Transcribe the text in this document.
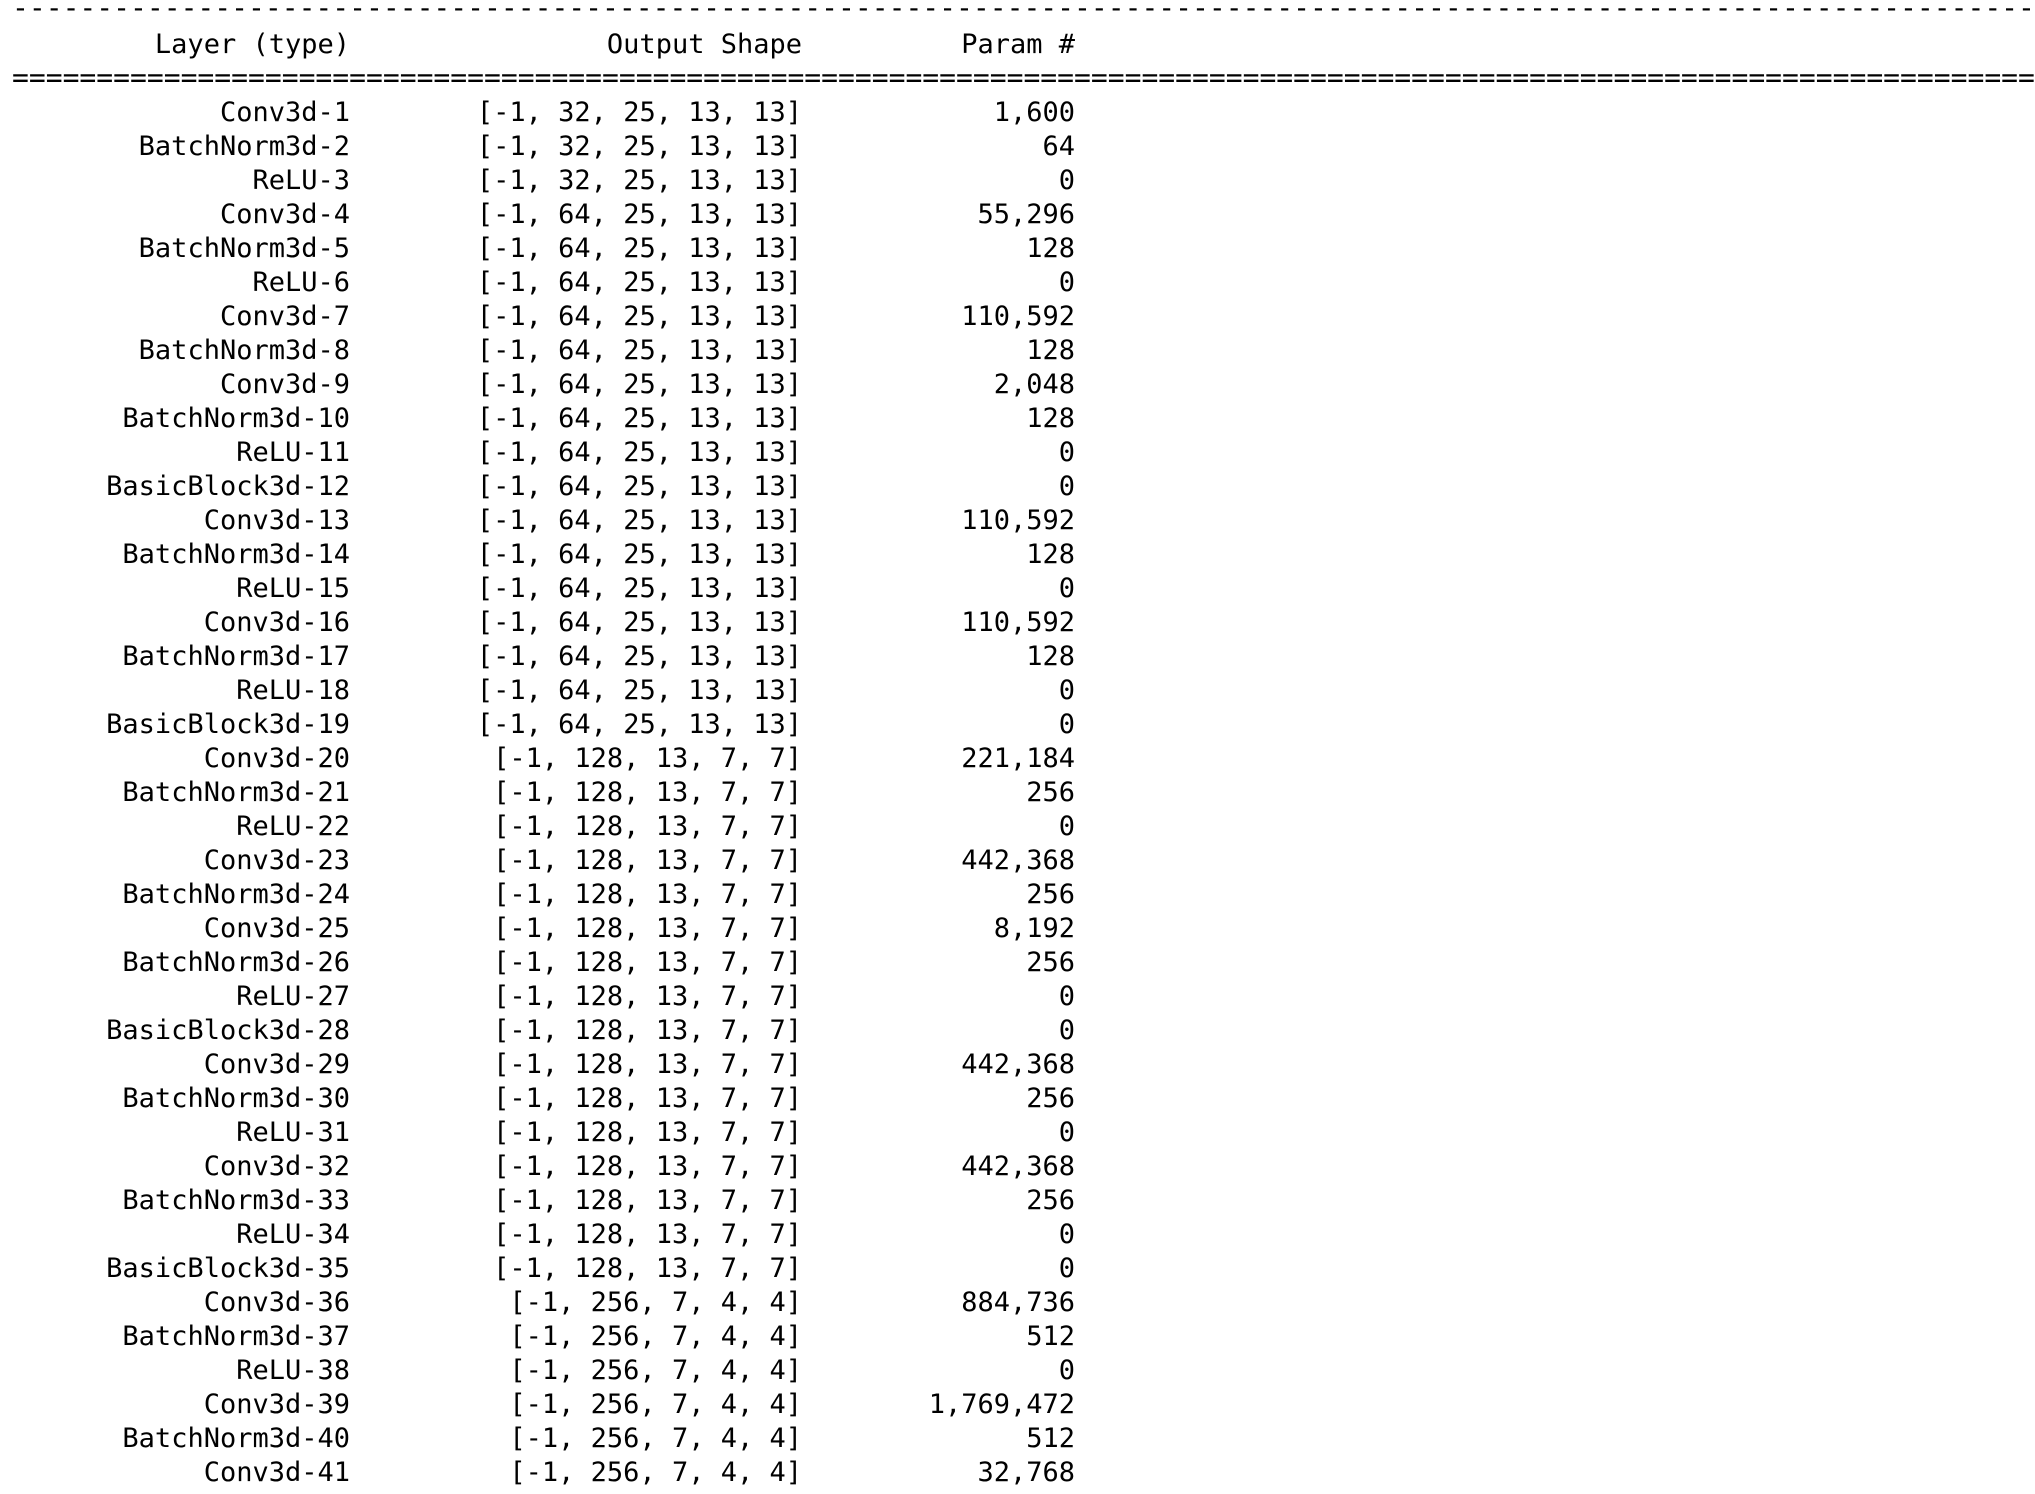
------------------------------------------------------------------------------------------------------------------------
Layer (type)	Output Shape	Param #
========================================================================================================================
Conv3d-1	[-1, 32, 25, 13, 13]	1,600
BatchNorm3d-2	[-1, 32, 25, 13, 13]	64
ReLU-3	[-1, 32, 25, 13, 13]	0
Conv3d-4	[-1, 64, 25, 13, 13]	55,296
BatchNorm3d-5	[-1, 64, 25, 13, 13]	128
ReLU-6	[-1, 64, 25, 13, 13]	0
Conv3d-7	[-1, 64, 25, 13, 13]	110,592
BatchNorm3d-8	[-1, 64, 25, 13, 13]	128
Conv3d-9	[-1, 64, 25, 13, 13]	2,048
BatchNorm3d-10	[-1, 64, 25, 13, 13]	128
ReLU-11	[-1, 64, 25, 13, 13]	0
BasicBlock3d-12	[-1, 64, 25, 13, 13]	0
Conv3d-13	[-1, 64, 25, 13, 13]	110,592
BatchNorm3d-14	[-1, 64, 25, 13, 13]	128
ReLU-15	[-1, 64, 25, 13, 13]	0
Conv3d-16	[-1, 64, 25, 13, 13]	110,592
BatchNorm3d-17	[-1, 64, 25, 13, 13]	128
ReLU-18	[-1, 64, 25, 13, 13]	0
BasicBlock3d-19	[-1, 64, 25, 13, 13]	0
Conv3d-20	[-1, 128, 13, 7, 7]	221,184
BatchNorm3d-21	[-1, 128, 13, 7, 7]	256
ReLU-22	[-1, 128, 13, 7, 7]	0
Conv3d-23	[-1, 128, 13, 7, 7]	442,368
BatchNorm3d-24	[-1, 128, 13, 7, 7]	256
Conv3d-25	[-1, 128, 13, 7, 7]	8,192
BatchNorm3d-26	[-1, 128, 13, 7, 7]	256
ReLU-27	[-1, 128, 13, 7, 7]	0
BasicBlock3d-28	[-1, 128, 13, 7, 7]	0
Conv3d-29	[-1, 128, 13, 7, 7]	442,368
BatchNorm3d-30	[-1, 128, 13, 7, 7]	256
ReLU-31	[-1, 128, 13, 7, 7]	0
Conv3d-32	[-1, 128, 13, 7, 7]	442,368
BatchNorm3d-33	[-1, 128, 13, 7, 7]	256
ReLU-34	[-1, 128, 13, 7, 7]	0
BasicBlock3d-35	[-1, 128, 13, 7, 7]	0
Conv3d-36	[-1, 256, 7, 4, 4]	884,736
BatchNorm3d-37	[-1, 256, 7, 4, 4]	512
ReLU-38	[-1, 256, 7, 4, 4]	0
Conv3d-39	[-1, 256, 7, 4, 4]	1,769,472
BatchNorm3d-40	[-1, 256, 7, 4, 4]	512
Conv3d-41	[-1, 256, 7, 4, 4]	32,768
